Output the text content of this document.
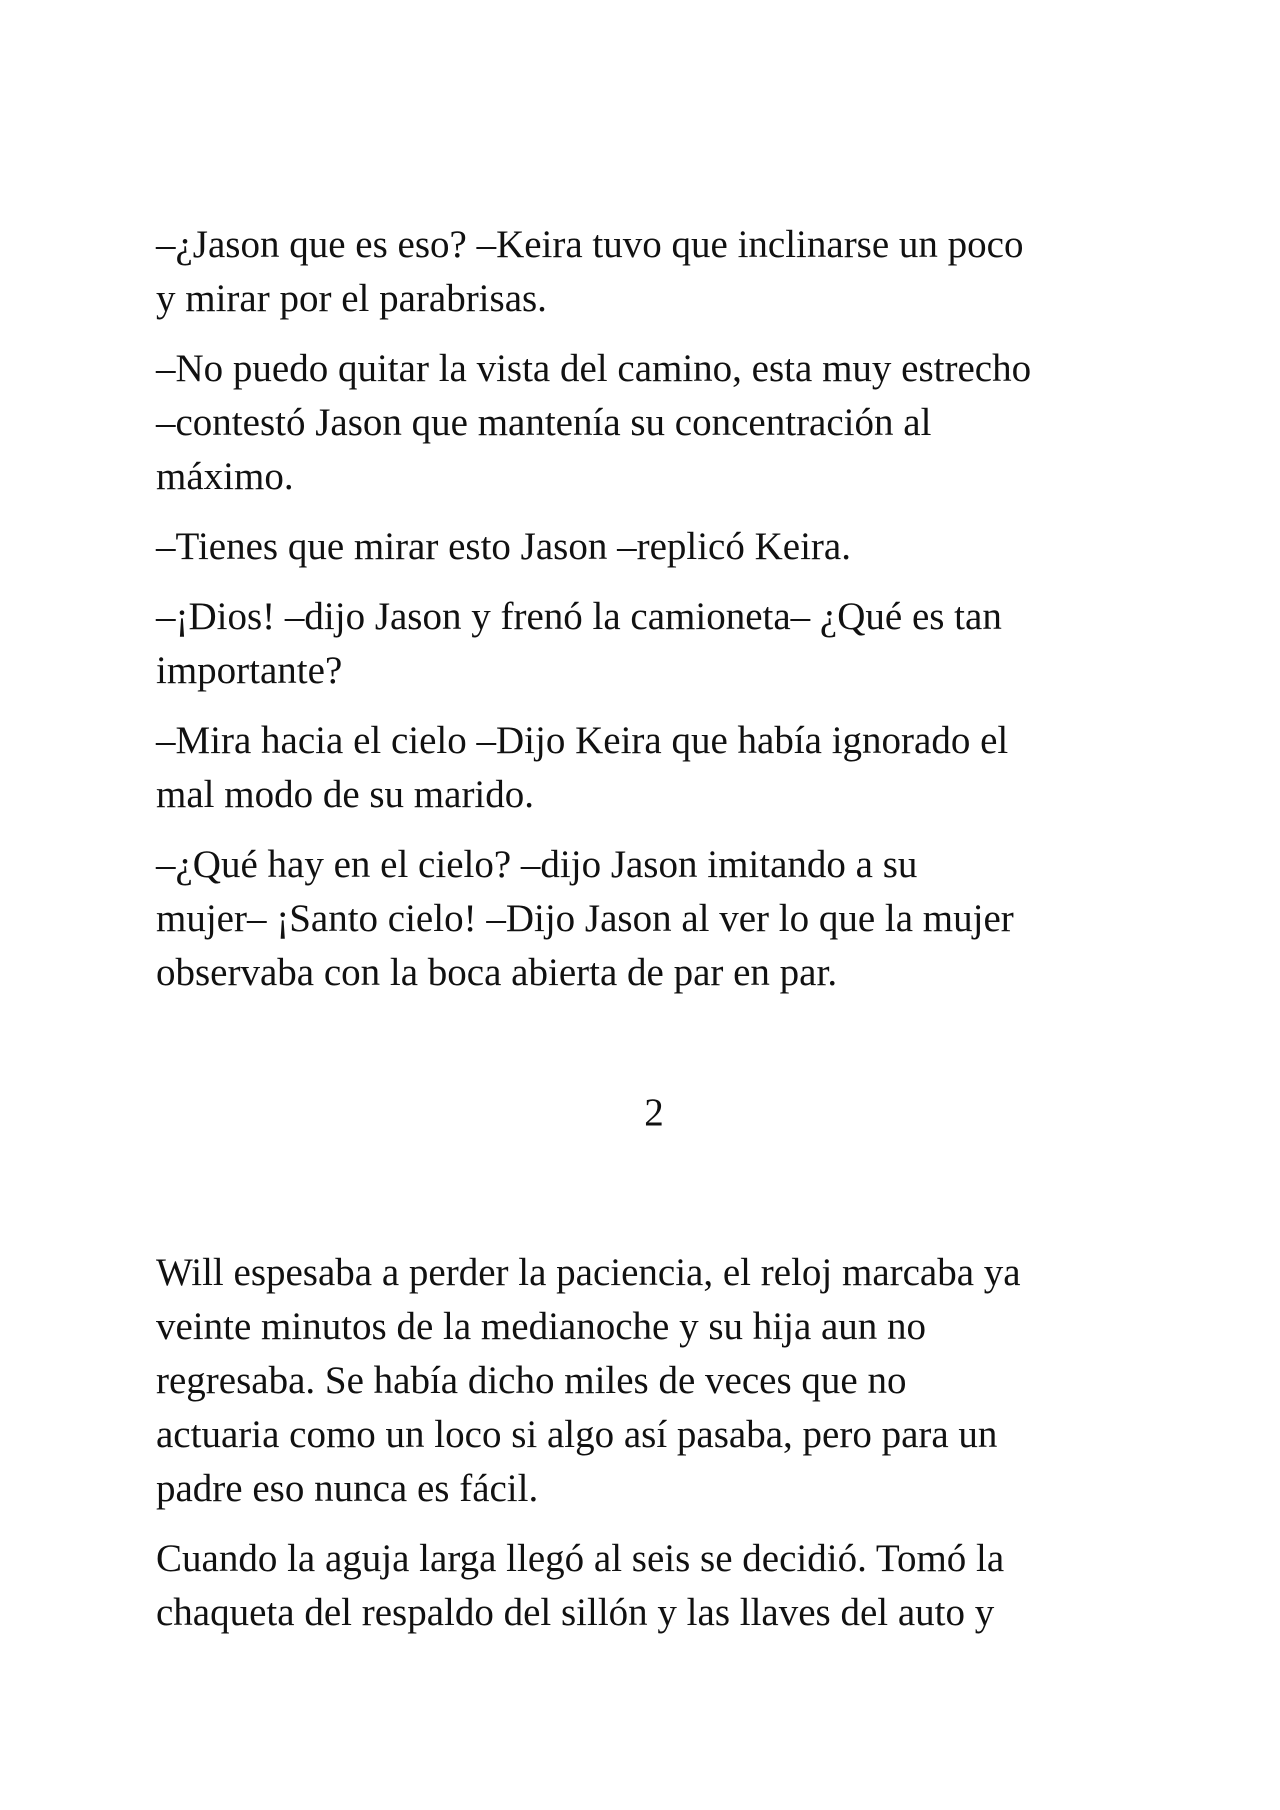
–¿Jason que es eso? –Keira tuvo que inclinarse un poco
y mirar por el parabrisas.

–No puedo quitar la vista del camino, esta muy estrecho
–contestó Jason que mantenía su concentración al
máximo.

–Tienes que mirar esto Jason –replicó Keira.

–¡Dios! –dijo Jason y frenó la camioneta– ¿Qué es tan
importante?

–Mira hacia el cielo –Dijo Keira que había ignorado el
mal modo de su marido.

–¿Qué hay en el cielo? –dijo Jason imitando a su
mujer– ¡Santo cielo! –Dijo Jason al ver lo que la mujer
observaba con la boca abierta de par en par.

2

Will espesaba a perder la paciencia, el reloj marcaba ya
veinte minutos de la medianoche y su hija aun no
regresaba. Se había dicho miles de veces que no
actuaria como un loco si algo así pasaba, pero para un
padre eso nunca es fácil.

Cuando la aguja larga llegó al seis se decidió. Tomó la
chaqueta del respaldo del sillón y las llaves del auto y
